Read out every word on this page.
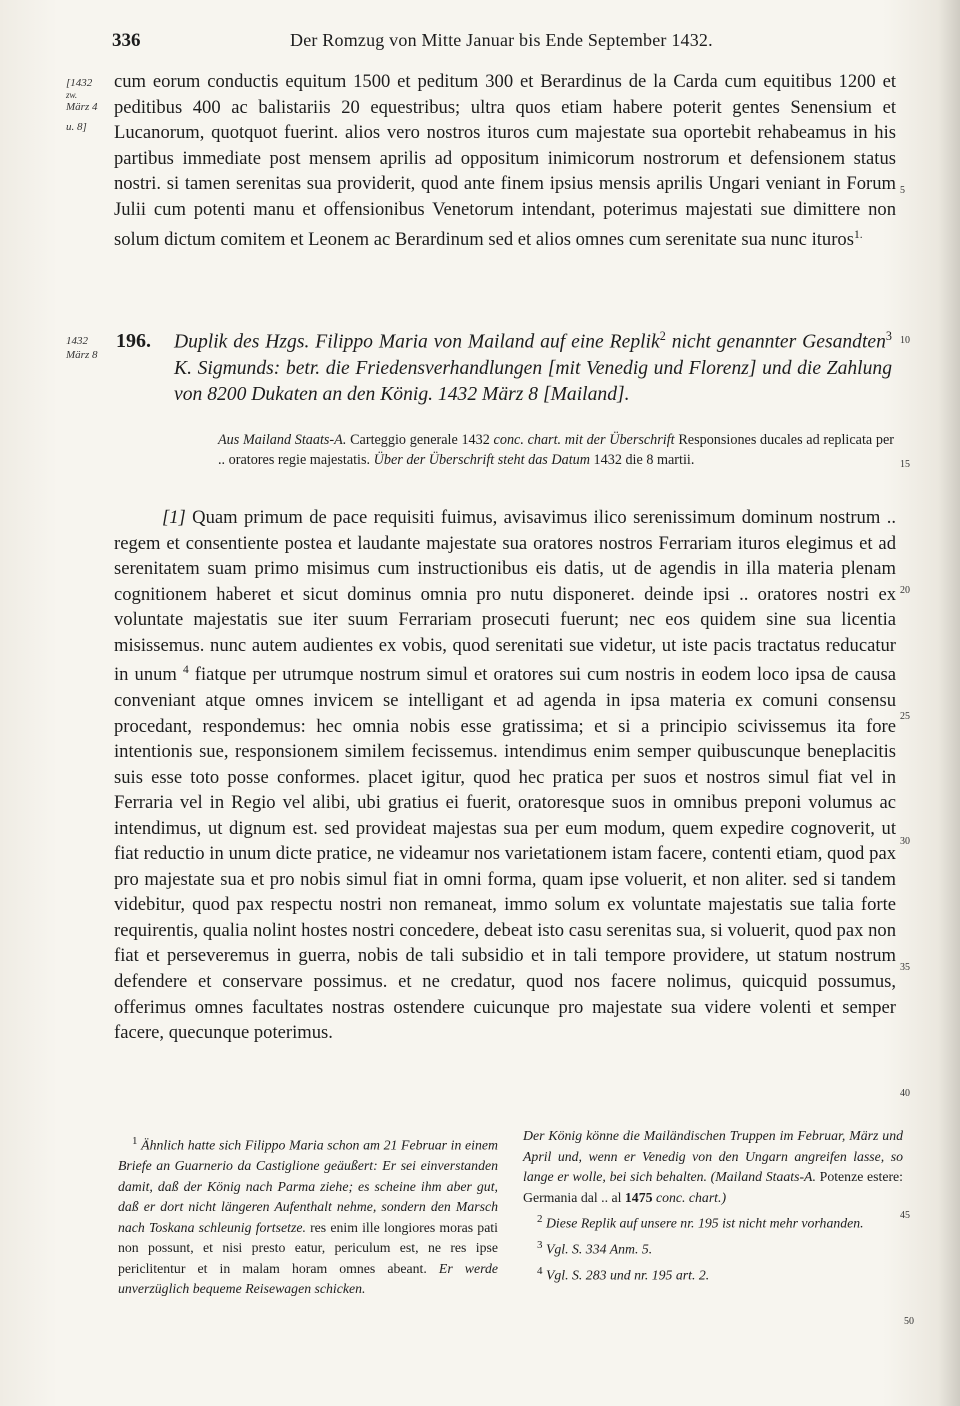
336	Der Romzug von Mitte Januar bis Ende September 1432.
[1432
zw.
März 4
u. 8]
1432
März 8
5
10
15
20
25
30
35
40
45
50

cum eorum conductis equitum 1500 et peditum 300 et Berardinus de la Carda cum equitibus 1200 et peditibus 400 ac balistariis 20 equestribus; ultra quos etiam habere poterit gentes Senensium et Lucanorum, quotquot fuerint. alios vero nostros ituros cum majestate sua oportebit rehabeamus in his partibus immediate post mensem aprilis ad oppositum inimicorum nostrorum et defensionem status nostri. si tamen serenitas sua providerit, quod ante finem ipsius mensis aprilis Ungari veniant in Forum Julii cum potenti manu et offensionibus Venetorum intendant, poterimus majestati sue dimittere non solum dictum comitem et Leonem ac Berardinum sed et alios omnes cum serenitate sua nunc ituros$^{1.}$

196. Duplik des Hzgs. Filippo Maria von Mailand auf eine Replik$^2$ nicht genannter Gesandten$^3$ K. Sigmunds: betr. die Friedensverhandlungen [mit Venedig und Florenz] und die Zahlung von 8200 Dukaten an den König. 1432 März 8 [Mailand].
Aus Mailand Staats-A. Carteggio generale 1432 conc. chart. mit der Überschrift Responsiones ducales ad replicata per .. oratores regie majestatis. Über der Überschrift steht das Datum 1432 die 8 martii.

[1] Quam primum de pace requisiti fuimus, avisavimus ilico serenissimum dominum nostrum .. regem et consentiente postea et laudante majestate sua oratores nostros Ferrariam ituros elegimus et ad serenitatem suam primo misimus cum instructionibus eis datis, ut de agendis in illa materia plenam cognitionem haberet et sicut dominus omnia pro nutu disponeret. deinde ipsi .. oratores nostri ex voluntate majestatis sue iter suum Ferrariam prosecuti fuerunt; nec eos quidem sine sua licentia misissemus. nunc autem audientes ex vobis, quod serenitati sue videtur, ut iste pacis tractatus reducatur in unum $^4$ fiatque per utrumque nostrum simul et oratores sui cum nostris in eodem loco ipsa de causa conveniant atque omnes invicem se intelligant et ad agenda in ipsa materia ex comuni consensu procedant, respondemus: hec omnia nobis esse gratissima; et si a principio scivissemus ita fore intentionis sue, responsionem similem fecissemus. intendimus enim semper quibuscunque beneplacitis suis esse toto posse conformes. placet igitur, quod hec pratica per suos et nostros simul fiat vel in Ferraria vel in Regio vel alibi, ubi gratius ei fuerit, oratoresque suos in omnibus preponi volumus ac intendimus, ut dignum est. sed provideat majestas sua per eum modum, quem expedire cognoverit, ut fiat reductio in unum dicte pratice, ne videamur nos varietationem istam facere, contenti etiam, quod pax pro majestate sua et pro nobis simul fiat in omni forma, quam ipse voluerit, et non aliter. sed si tandem videbitur, quod pax respectu nostri non remaneat, immo solum ex voluntate majestatis sue talia forte requirentis, qualia nolint hostes nostri concedere, debeat isto casu serenitas sua, si voluerit, quod pax non fiat et perseveremus in guerra, nobis de tali subsidio et in tali tempore providere, ut statum nostrum defendere et conservare possimus. et ne credatur, quod nos facere nolimus, quicquid possumus, offerimus omnes facultates nostras ostendere cuicunque pro majestate sua videre volenti et semper facere, quecunque poterimus.

$^1$ Ähnlich hatte sich Filippo Maria schon am 21 Februar in einem Briefe an Guarnerio da Castiglione geäußert: Er sei einverstanden damit, daß der König nach Parma ziehe; es scheine ihm aber gut, daß er dort nicht längeren Aufenthalt nehme, sondern den Marsch nach Toskana schleunig fortsetze. res enim ille longiores moras pati non possunt, et nisi presto eatur, periculum est, ne res ipse periclitentur et in malam horam omnes abeant. Er werde unverzüglich bequeme Reisewagen schicken.

Der König könne die Mailändischen Truppen im Februar, März und April und, wenn er Venedig von den Ungarn angreifen lasse, so lange er wolle, bei sich behalten. (Mailand Staats-A. Potenze estere: Germania dal .. al 1475 conc. chart.)

$^2$ Diese Replik auf unsere nr. 195 ist nicht mehr vorhanden.

$^3$ Vgl. S. 334 Anm. 5.

$^4$ Vgl. S. 283 und nr. 195 art. 2.
